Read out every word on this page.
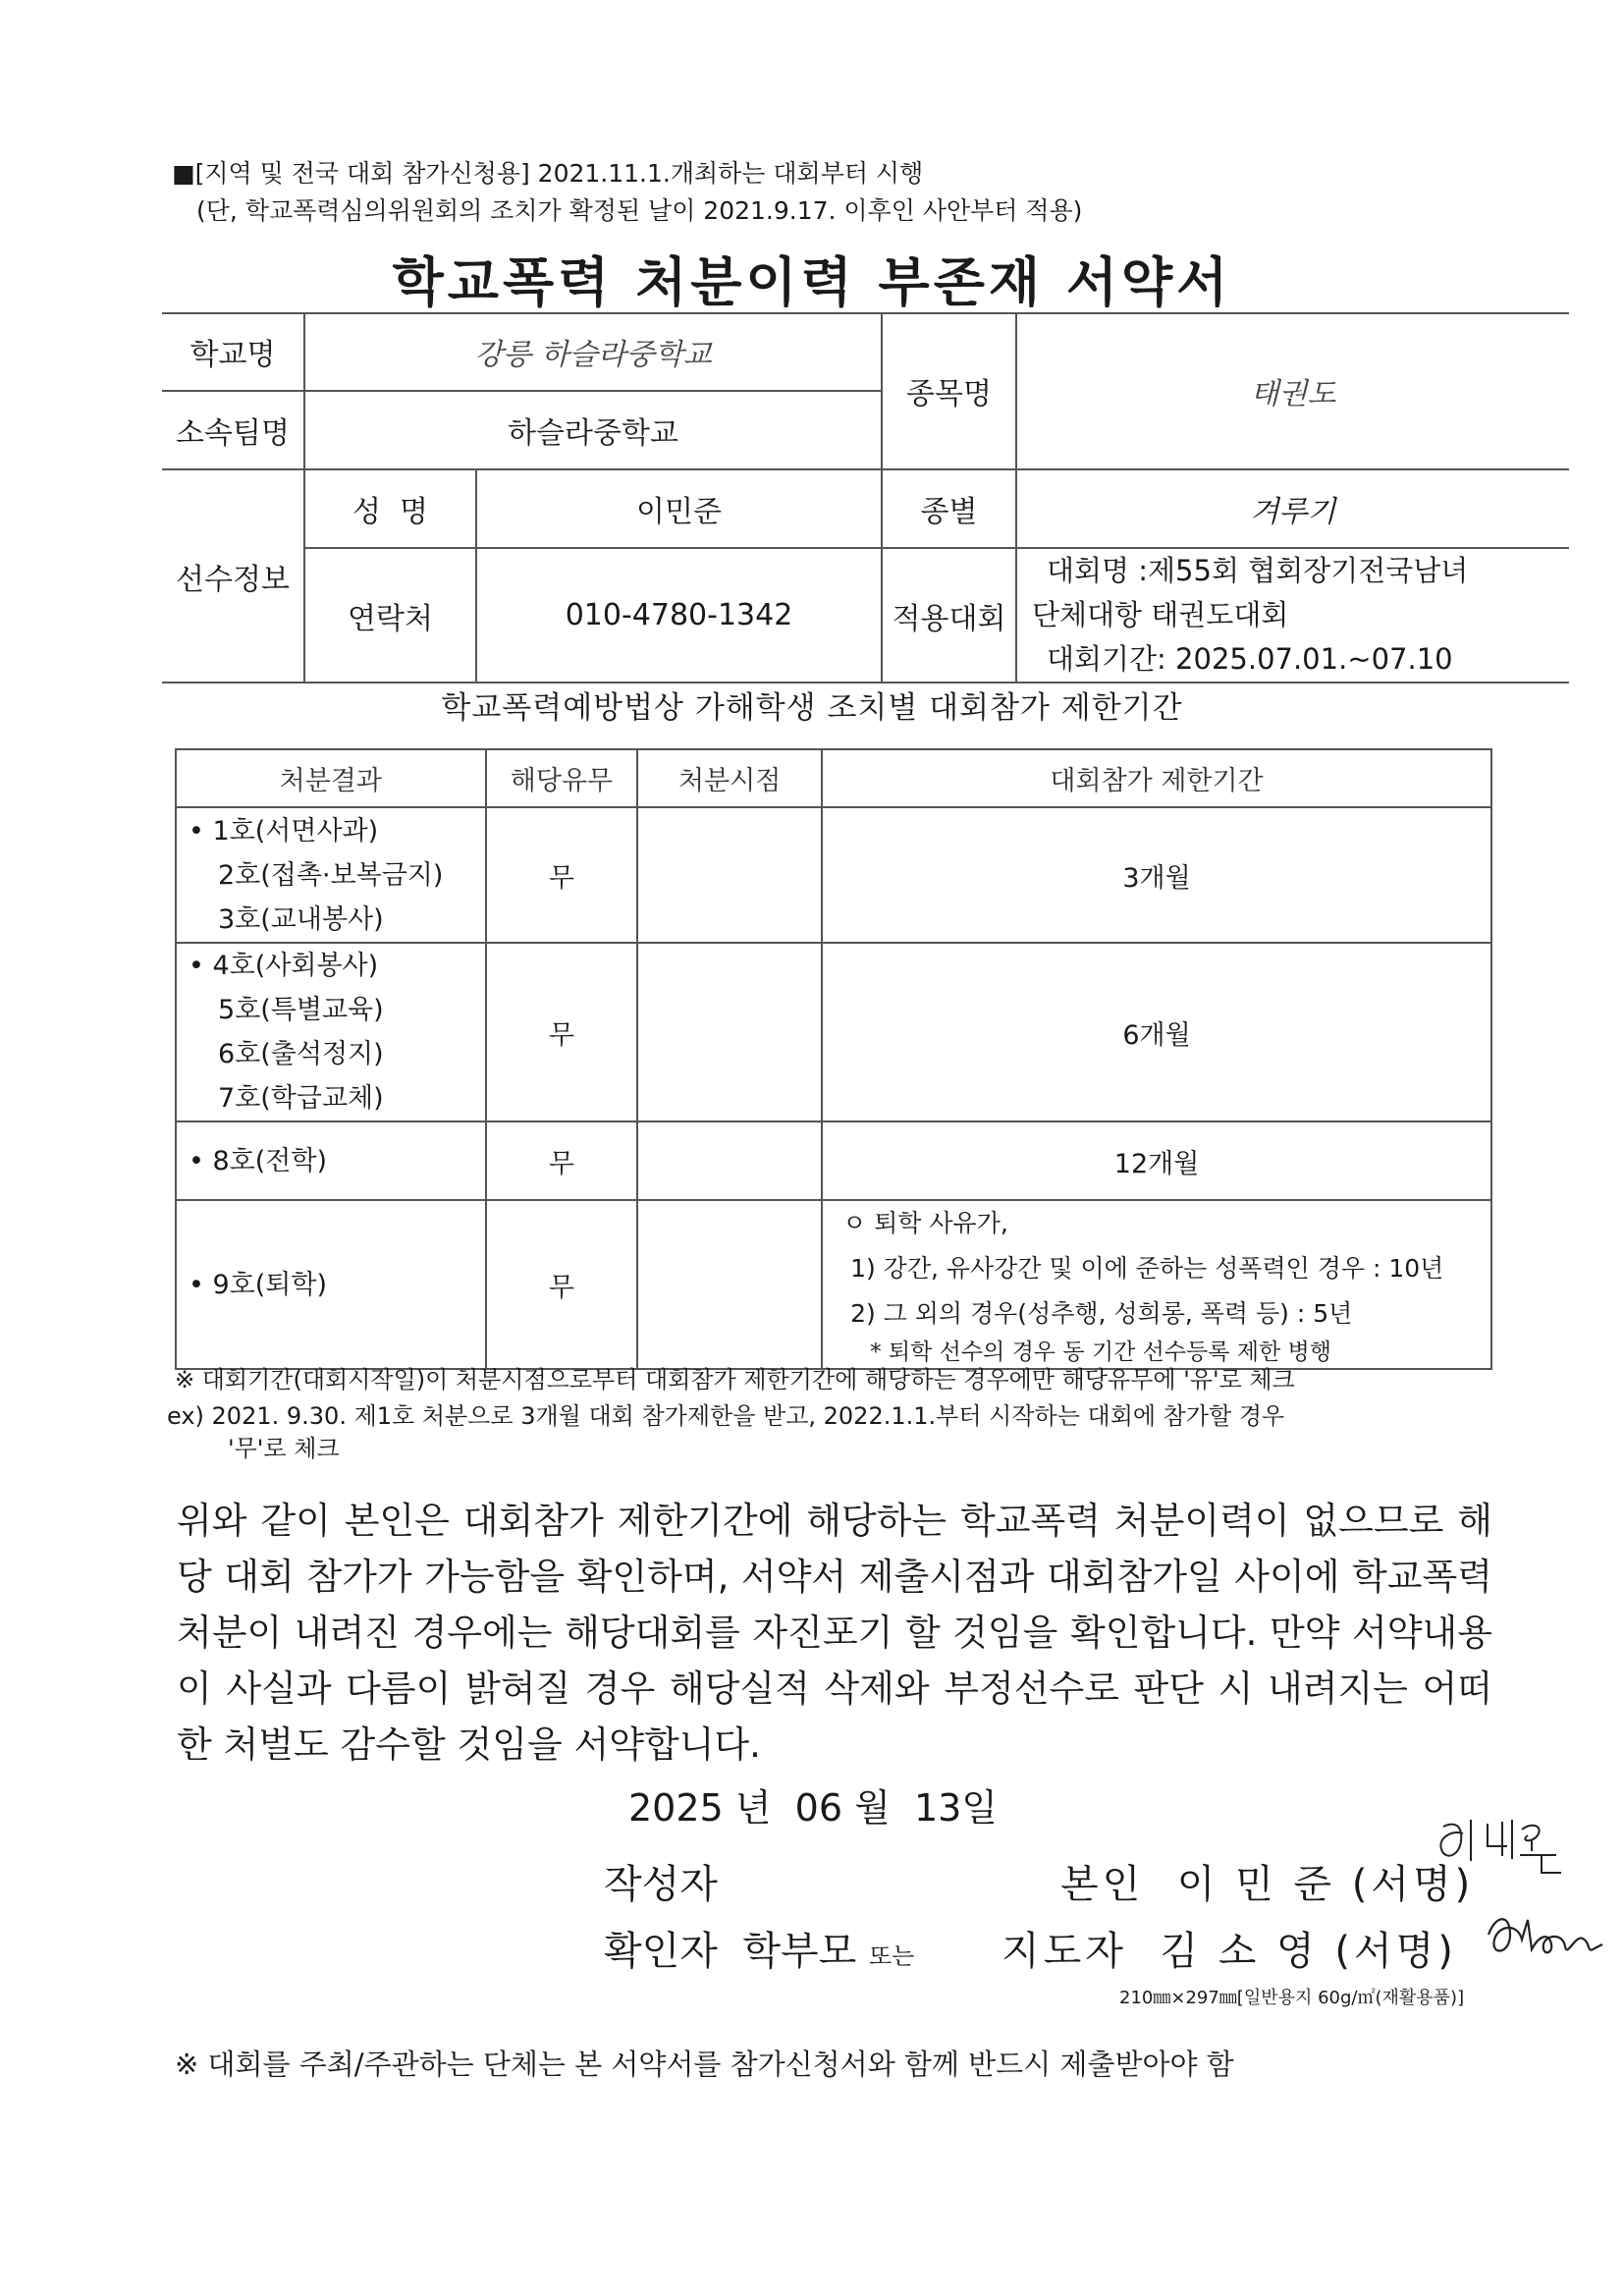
■[지역 및 전국 대회 참가신청용] 2021.11.1.개최하는 대회부터 시행
(단, 학교폭력심의위원회의 조치가 확정된 날이 2021.9.17. 이후인 사안부터 적용)
학교폭력 처분이력 부존재 서약서
학교명	강릉 하슬라중학교		종목명	태권도
소속팀명	하슬라중학교			
선수정보	성  명	이민준	종별	겨루기
	연락처	010-4780-1342	적용대회	대회명 :제55회 협회장기전국남녀
단체대항 태권도대회
대회기간: 2025.07.01.~07.10
학교폭력예방법상 가해학생 조치별 대회참가 제한기간
처분결과	해당유무	처분시점	대회참가 제한기간

• 1호(서면사과)
2호(접촉·보복금지)
3호(교내봉사)	무		3개월

• 4호(사회봉사)
5호(특별교육)
6호(출석정지)
7호(학급교체)	무		6개월

• 8호(전학)	무		12개월

• 9호(퇴학)	무		ㅇ 퇴학 사유가,
1) 강간, 유사강간 및 이에 준하는 성폭력인 경우 : 10년
2) 그 외의 경우(성추행, 성희롱, 폭력 등) : 5년
* 퇴학 선수의 경우 동 기간 선수등록 제한 병행
※ 대회기간(대회시작일)이 처분시점으로부터 대회참가 제한기간에 해당하는 경우에만 해당유무에 '유'로 체크
ex) 2021. 9.30. 제1호 처분으로 3개월 대회 참가제한을 받고, 2022.1.1.부터 시작하는 대회에 참가할 경우
'무'로 체크
위와 같이 본인은 대회참가 제한기간에 해당하는 학교폭력 처분이력이 없으므로 해당 대회 참가가 가능함을 확인하며, 서약서 제출시점과 대회참가일 사이에 학교폭력 처분이 내려진 경우에는 해당대회를 자진포기 할 것임을 확인합니다. 만약 서약내용이 사실과 다름이 밝혀질 경우 해당실적 삭제와 부정선수로 판단 시 내려지는 어떠한 처벌도 감수할 것임을 서약합니다.
2025 년  06 월  13일
작성자	본인  이 민 준 (서명)
확인자  학부모 또는 지도자  김 소 영 (서명)
210㎜×297㎜[일반용지 60g/㎡(재활용품)]
※ 대회를 주최/주관하는 단체는 본 서약서를 참가신청서와 함께 반드시 제출받아야 함
